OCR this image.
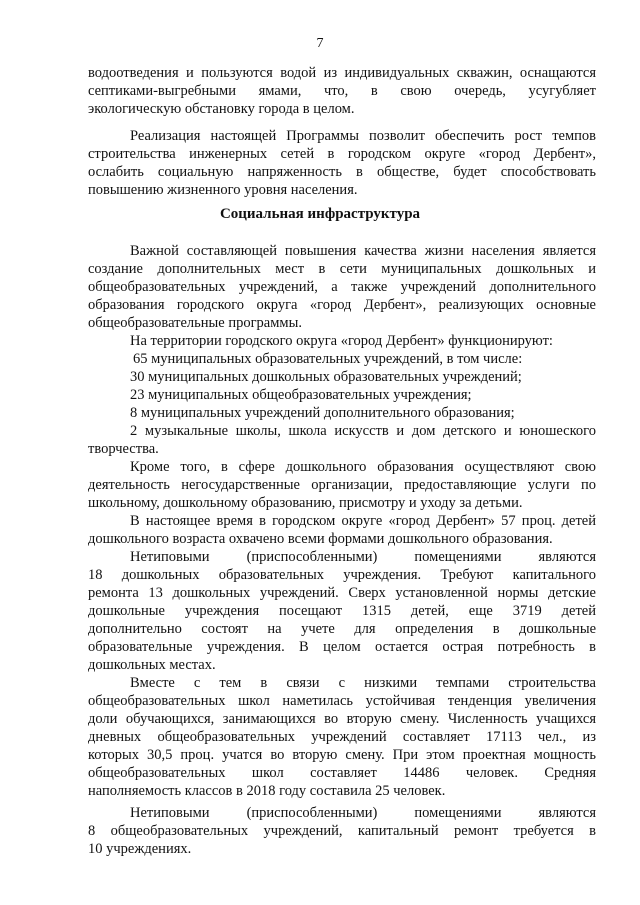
7

водоотведения и пользуются водой из индивидуальных скважин, оснащаются

септиками-выгребными ямами, что, в свою очередь, усугубляет

экологическую обстановку города в целом.

Реализация настоящей Программы позволит обеспечить рост темпов

строительства инженерных сетей в городском округе «город Дербент»,

ослабить социальную напряженность в обществе, будет способствовать

повышению жизненного уровня населения.

Социальная инфраструктура

Важной составляющей повышения качества жизни населения является

создание дополнительных мест в сети муниципальных дошкольных и

общеобразовательных учреждений, а также учреждений дополнительного

образования городского округа «город Дербент», реализующих основные

общеобразовательные программы.

На территории городского округа «город Дербент» функционируют:

65 муниципальных образовательных учреждений, в том числе:

30 муниципальных дошкольных образовательных учреждений;

23 муниципальных общеобразовательных учреждения;

8 муниципальных учреждений дополнительного образования;

2 музыкальные школы, школа искусств и дом детского и юношеского

творчества.

Кроме того, в сфере дошкольного образования осуществляют свою

деятельность негосударственные организации, предоставляющие услуги по

школьному, дошкольному образованию, присмотру и уходу за детьми.

В настоящее время в городском округе «город Дербент» 57 проц. детей

дошкольного возраста охвачено всеми формами дошкольного образования.

Нетиповыми (приспособленными) помещениями являются

18 дошкольных образовательных учреждения. Требуют капитального

ремонта 13 дошкольных учреждений. Сверх установленной нормы детские

дошкольные учреждения посещают 1315 детей, еще 3719 детей

дополнительно состоят на учете для определения в дошкольные

образовательные учреждения. В целом остается острая потребность в

дошкольных местах.

Вместе с тем в связи с низкими темпами строительства

общеобразовательных школ наметилась устойчивая тенденция увеличения

доли обучающихся, занимающихся во вторую смену. Численность учащихся

дневных общеобразовательных учреждений составляет 17113 чел., из

которых 30,5 проц. учатся во вторую смену. При этом проектная мощность

общеобразовательных школ составляет 14486 человек. Средняя

наполняемость классов в 2018 году составила 25 человек.

Нетиповыми (приспособленными) помещениями являются

8 общеобразовательных учреждений, капитальный ремонт требуется в

10 учреждениях.
